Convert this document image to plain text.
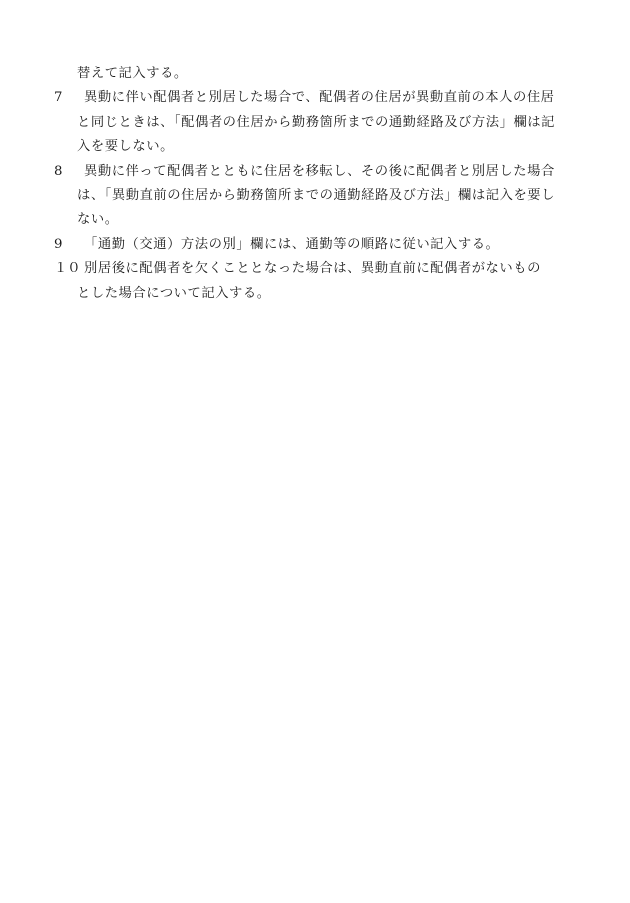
替えて記入する。
7 異動に伴い配偶者と別居した場合で、配偶者の住居が異動直前の本人の住居
と同じときは、「配偶者の住居から勤務箇所までの通勤経路及び方法」欄は記
入を要しない。
8 異動に伴って配偶者とともに住居を移転し、その後に配偶者と別居した場合
は、「異動直前の住居から勤務箇所までの通勤経路及び方法」欄は記入を要し
ない。
9 「通勤（交通）方法の別」欄には、通勤等の順路に従い記入する。
１０ 別居後に配偶者を欠くこととなった場合は、異動直前に配偶者がないもの
とした場合について記入する。
